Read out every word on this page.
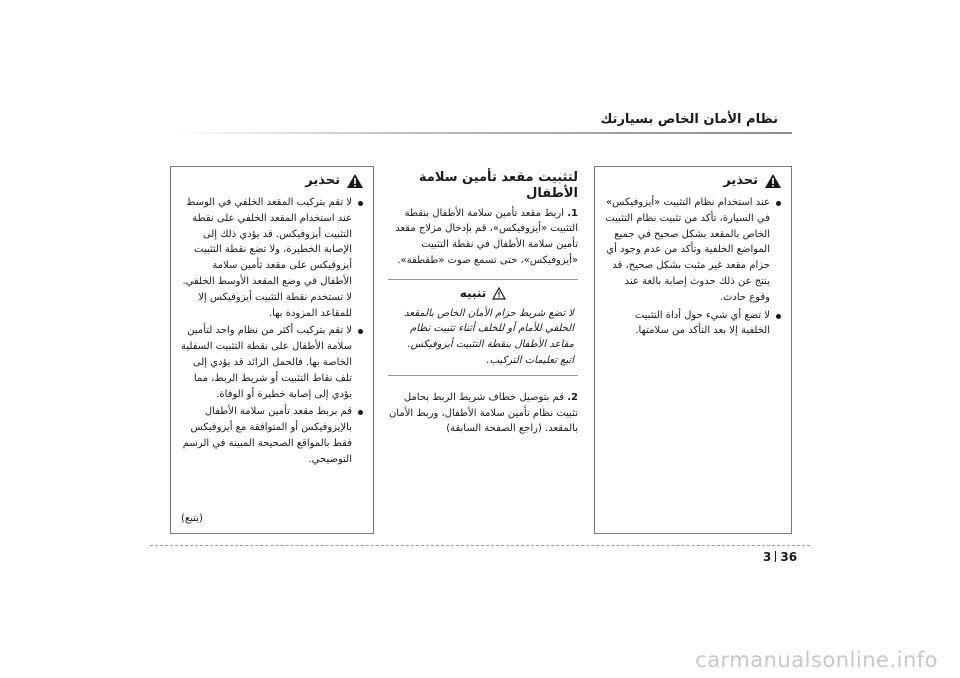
نظام الأمان الخاص بسيارتك
تحذير
عند استخدام نظام التثبيت «أيزوفيكس» في السيارة، تأكد من تثبيت نظام التثبيت الخاص بالمقعد بشكل صحيح في جميع المواضع الخلفية وتأكد من عدم وجود أي حزام مقعد غير مثبت بشكل صحيح، قد ينتج عن ذلك حدوث إصابة بالغة عند وقوع حادث.
لا تضع أي شيء حول أداة التثبيت الخلفية إلا بعد التأكد من سلامتها.
لتثبيت مقعد تأمين سلامة الأطفال
1. اربط مقعد تأمين سلامة الأطفال بنقطة التثبيت «أيزوفيكس»، قم بإدخال مزلاج مقعد تأمين سلامة الأطفال في نقطة التثبيت «أيزوفيكس»، حتى تسمع صوت «طقطقة».
تنبيه
لا تضع شريط حزام الأمان الخاص بالمقعد الخلفي للأمام أو للخلف أثناء تثبيت نظام مقاعد الأطفال بنقطة التثبيت أيزوفيكس. اتبع تعليمات التركيب.
2. قم بتوصيل خطاف شريط الربط بحامل تثبيت نظام تأمين سلامة الأطفال، وربط الأمان بالمقعد. (راجع الصفحة السابقة)
تحذير
لا تقم بتركيب المقعد الخلفي في الوسط عند استخدام المقعد الخلفي على نقطة التثبيت أيزوفيكس. قد يؤدي ذلك إلى الإصابة الخطيرة، ولا تضع نقطة التثبيت أيزوفيكس على مقعد تأمين سلامة الأطفال في وضع المقعد الأوسط الخلفي. لا تستخدم نقطة التثبيت أيزوفيكس إلا للمقاعد المزودة بها.
لا تقم بتركيب أكثر من نظام واحد لتأمين سلامة الأطفال على نقطة التثبيت السفلية الخاصة بها. فالحمل الزائد قد يؤدي إلى تلف نقاط التثبيت أو شريط الربط، مما يؤدي إلى إصابة خطيرة أو الوفاة.
قم بربط مقعد تأمين سلامة الأطفال بالإيزوفيكس أو المتوافقة مع أيزوفيكس فقط بالمواقع الصحيحة المبينة في الرسم التوضيحي.
(يتبع)
3 36
carmanualsonline.info
